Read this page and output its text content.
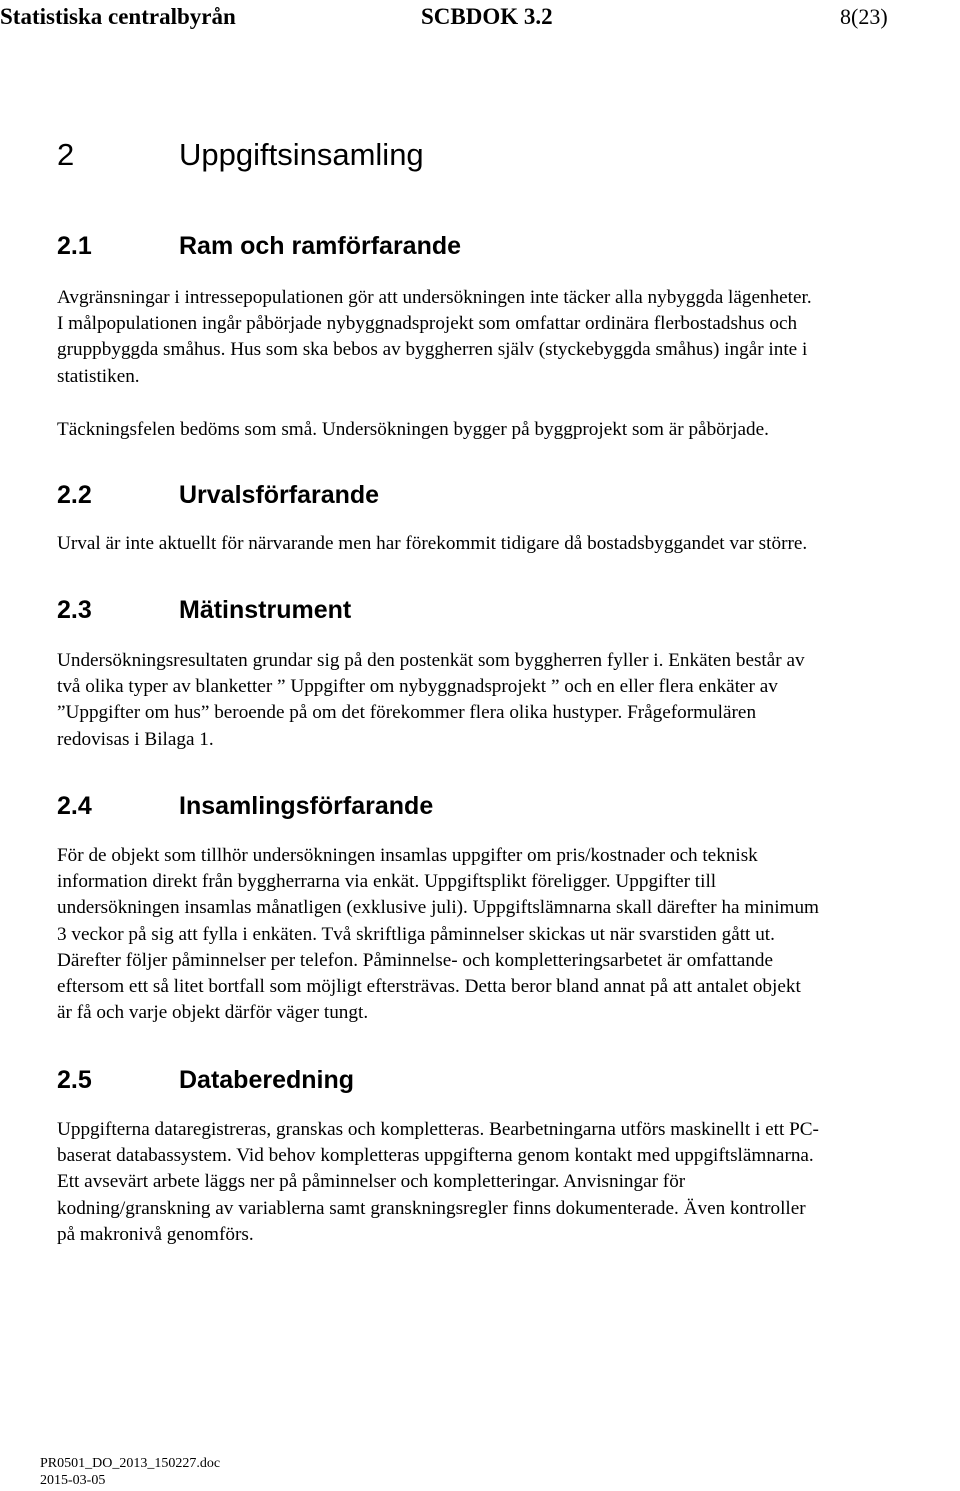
Statistiska centralbyrån	SCBDOK 3.2	8(23)
2	Uppgiftsinsamling
2.1	Ram och ramförfarande
Avgränsningar i intressepopulationen gör att undersökningen inte täcker alla nybyggda lägenheter.
I målpopulationen ingår påbörjade nybyggnadsprojekt som omfattar ordinära flerbostadshus och
gruppbyggda småhus. Hus som ska bebos av byggherren själv (styckebyggda småhus) ingår inte i
statistiken.
Täckningsfelen bedöms som små. Undersökningen bygger på byggprojekt som är påbörjade.
2.2	Urvalsförfarande
Urval är inte aktuellt för närvarande men har förekommit tidigare då bostadsbyggandet var större.
2.3	Mätinstrument
Undersökningsresultaten grundar sig på den postenkät som byggherren fyller i. Enkäten består av
två olika typer av blanketter ” Uppgifter om nybyggnadsprojekt ” och en eller flera enkäter av
”Uppgifter om hus” beroende på om det förekommer flera olika hustyper. Frågeformulären
redovisas i Bilaga 1.
2.4	Insamlingsförfarande
För de objekt som tillhör undersökningen insamlas uppgifter om pris/kostnader och teknisk
information direkt från byggherrarna via enkät. Uppgiftsplikt föreligger. Uppgifter till
undersökningen insamlas månatligen (exklusive juli). Uppgiftslämnarna skall därefter ha minimum
3 veckor på sig att fylla i enkäten. Två skriftliga påminnelser skickas ut när svarstiden gått ut.
Därefter följer påminnelser per telefon. Påminnelse- och kompletteringsarbetet är omfattande
eftersom ett så litet bortfall som möjligt eftersträvas. Detta beror bland annat på att antalet objekt
är få och varje objekt därför väger tungt.
2.5	Databeredning
Uppgifterna dataregistreras, granskas och kompletteras. Bearbetningarna utförs maskinellt i ett PC-
baserat databassystem. Vid behov kompletteras uppgifterna genom kontakt med uppgiftslämnarna.
Ett avsevärt arbete läggs ner på påminnelser och kompletteringar. Anvisningar för
kodning/granskning av variablerna samt granskningsregler finns dokumenterade. Även kontroller
på makronivå genomförs.
PR0501_DO_2013_150227.doc
2015-03-05
